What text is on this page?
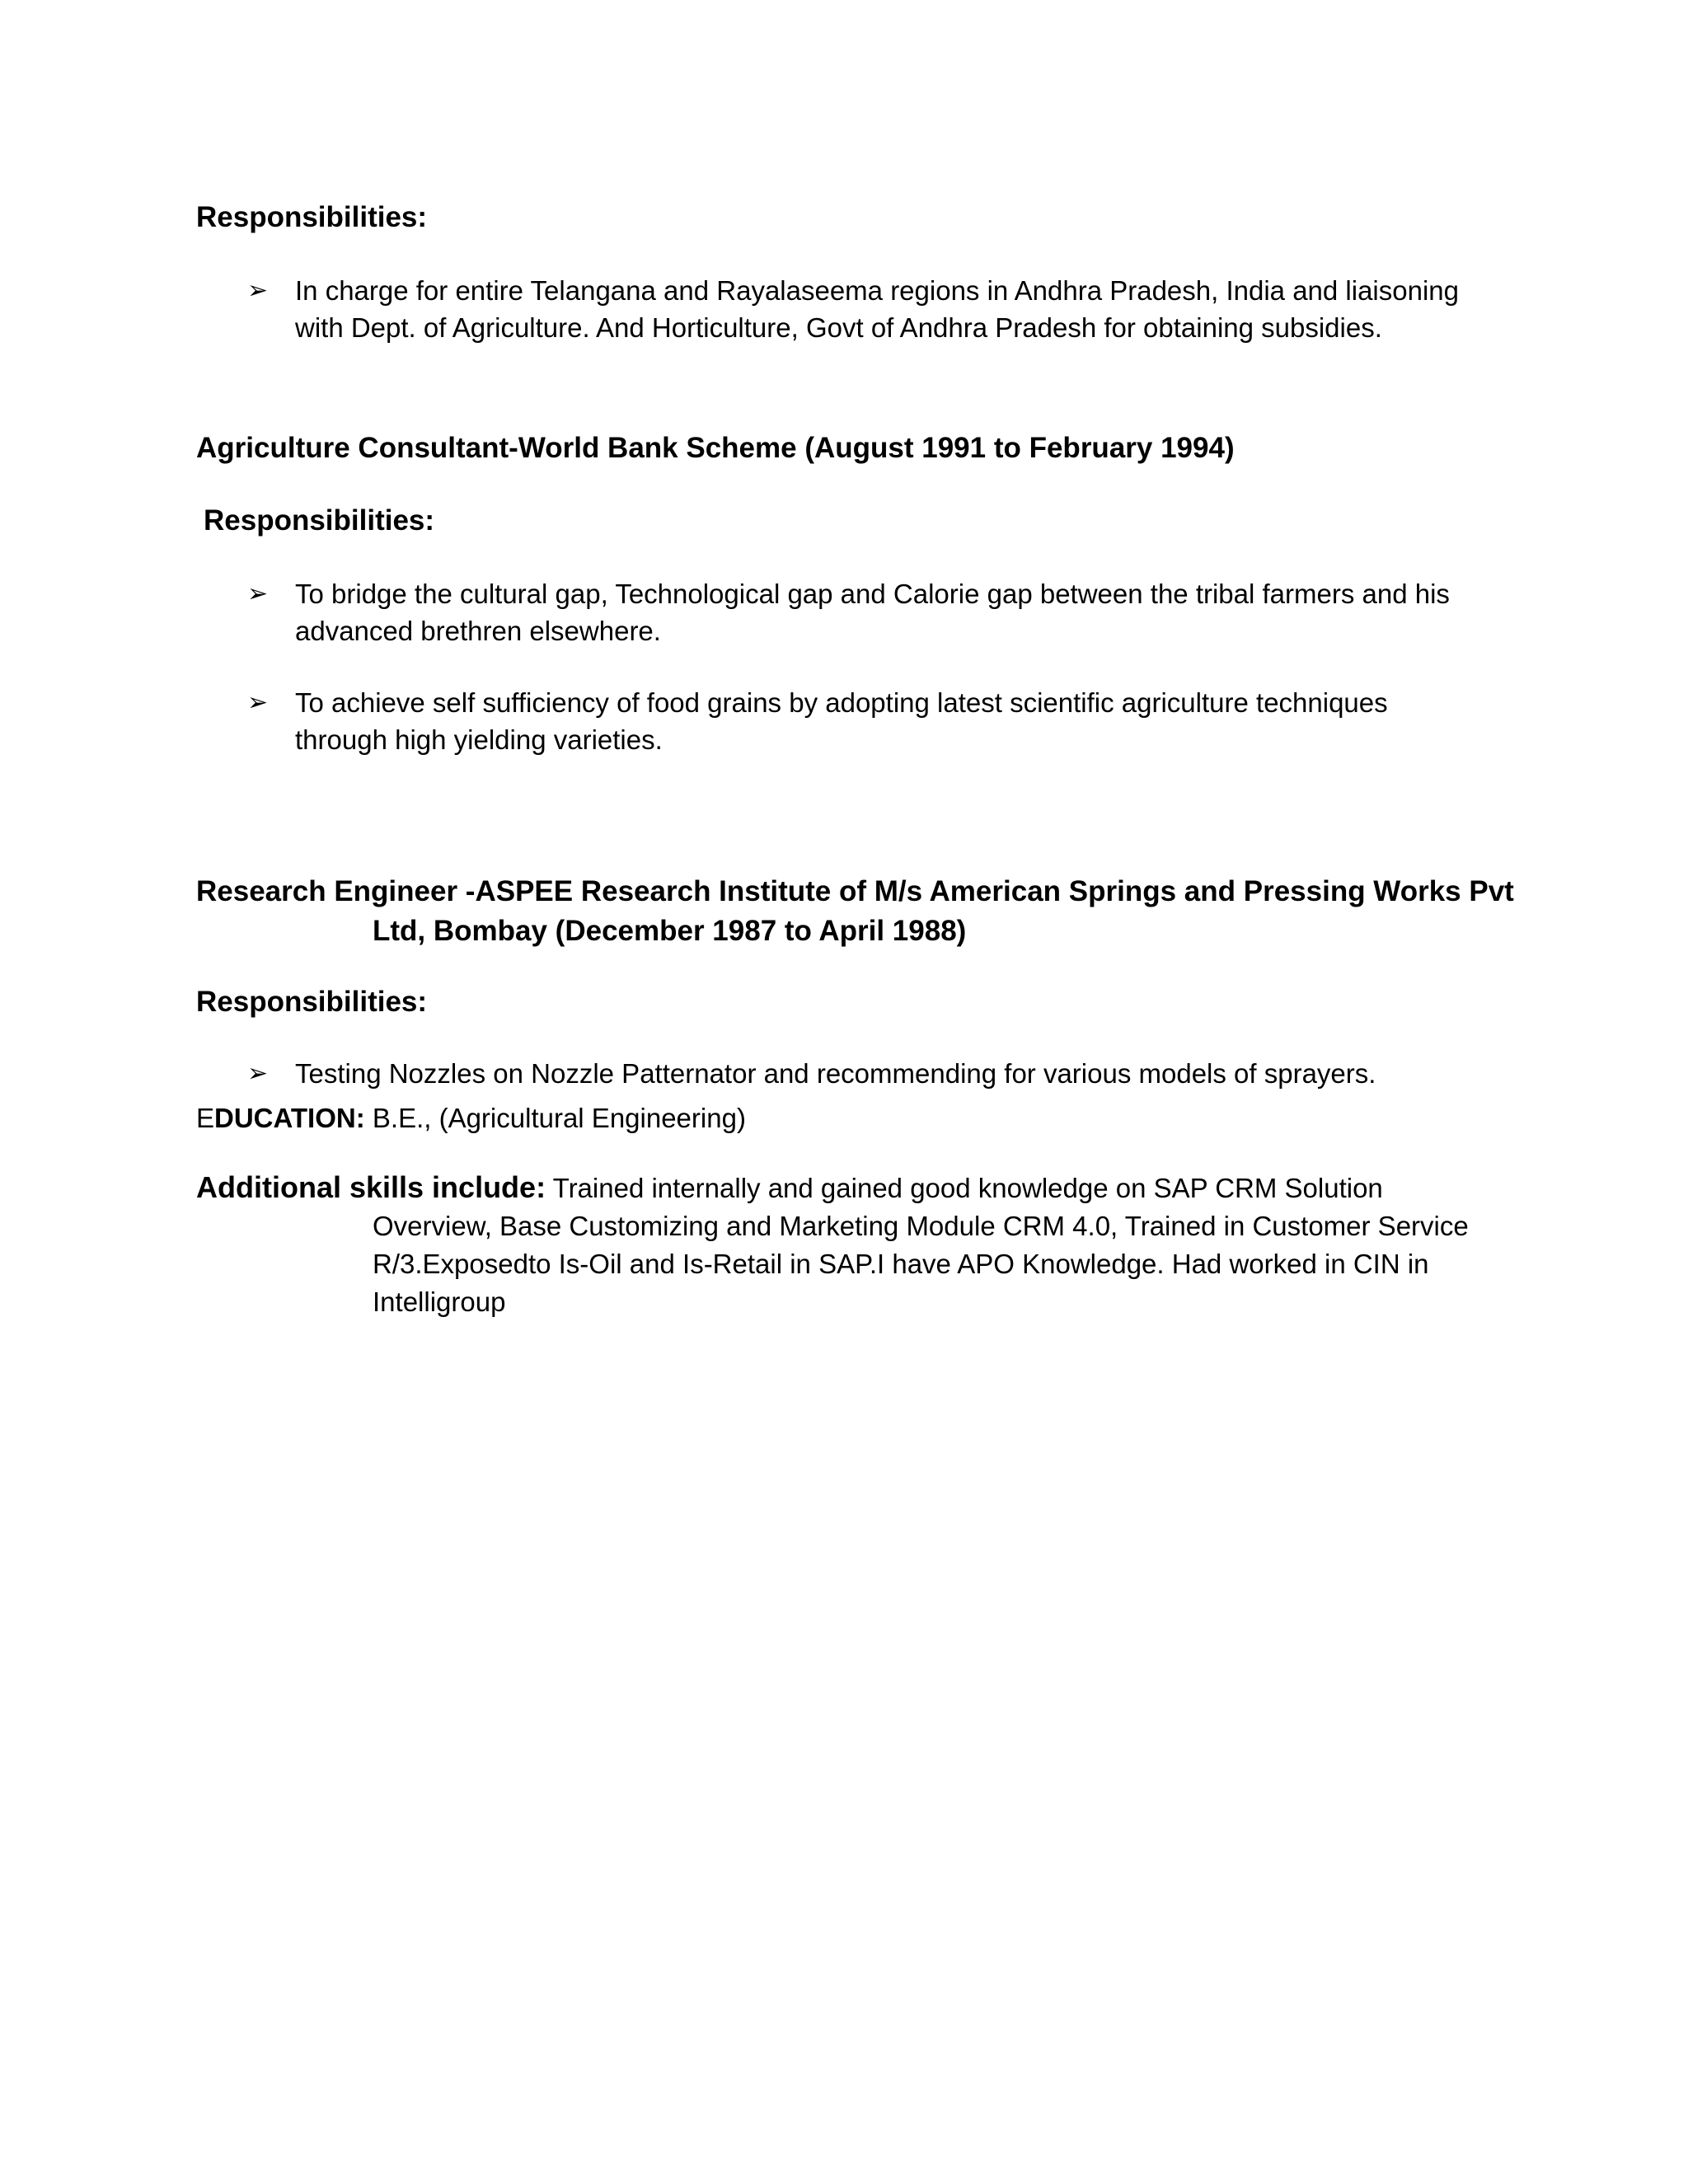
Responsibilities:
➢ In charge for entire Telangana and Rayalaseema regions in Andhra Pradesh, India and liaisoning
with Dept. of Agriculture. And Horticulture, Govt of Andhra Pradesh for obtaining subsidies.
Agriculture Consultant-World Bank Scheme (August 1991 to February 1994)
Responsibilities:
➢ To bridge the cultural gap, Technological gap and Calorie gap between the tribal farmers and his
advanced brethren elsewhere.
➢ To achieve self sufficiency of food grains by adopting latest scientific agriculture techniques
through high yielding varieties.
Research Engineer -ASPEE Research Institute of M/s American Springs and Pressing Works Pvt
Ltd, Bombay (December 1987 to April 1988)
Responsibilities:
➢ Testing Nozzles on Nozzle Patternator and recommending for various models of sprayers.
EDUCATION: B.E., (Agricultural Engineering)
Additional skills include: Trained internally and gained good knowledge on SAP CRM Solution
Overview, Base Customizing and Marketing Module CRM 4.0, Trained in Customer Service
R/3.Exposedto Is-Oil and Is-Retail in SAP.I have APO Knowledge. Had worked in CIN in
Intelligroup
